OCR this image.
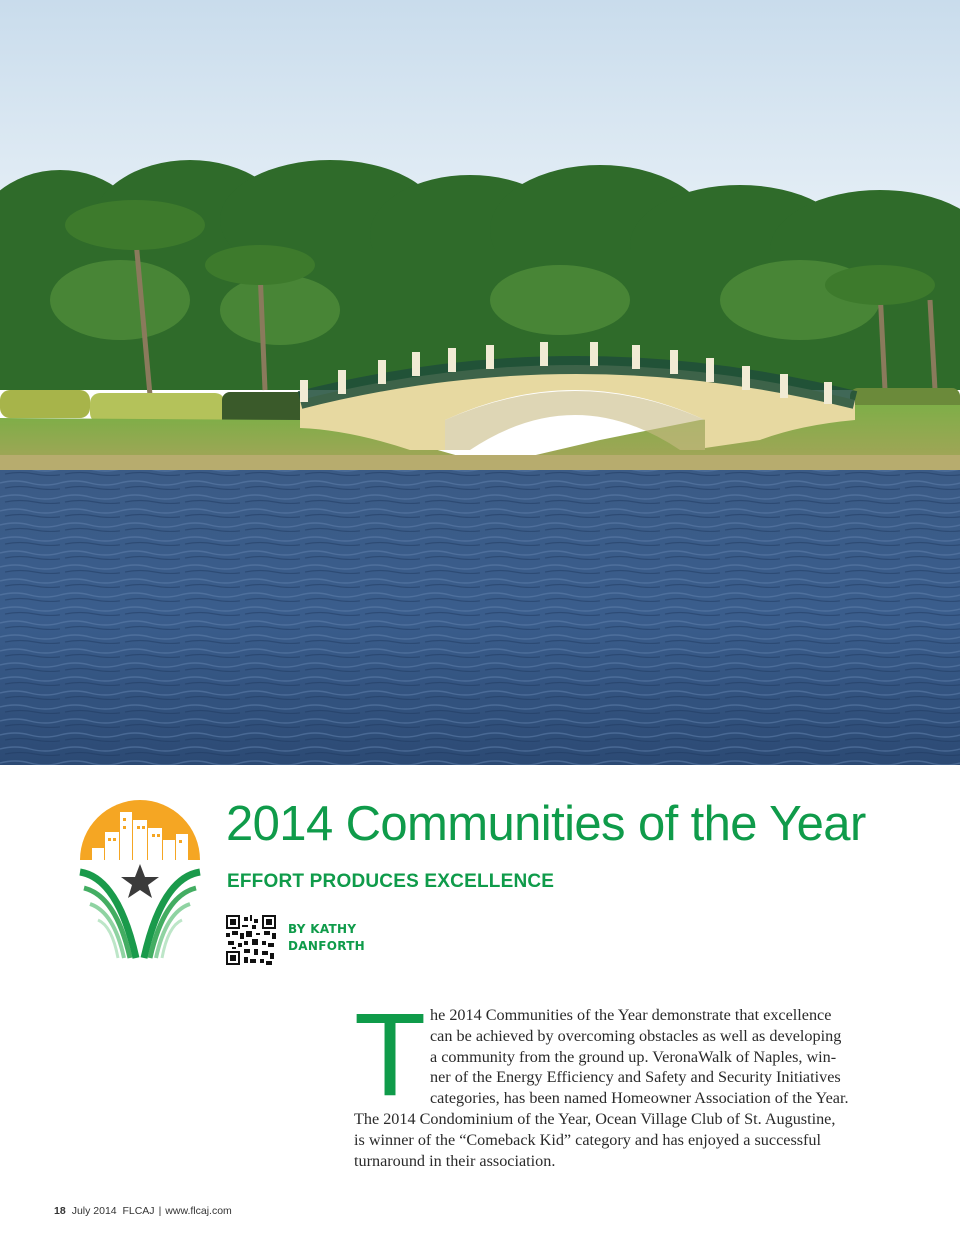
2014 Communities of the Year
EFFORT PRODUCES EXCELLENCE
BY KATHY
DANFORTH
T he 2014 Communities of the Year demonstrate that excellence
can be achieved by overcoming obstacles as well as developing
a community from the ground up. VeronaWalk of Naples, win-
ner of the Energy Efficiency and Safety and Security Initiatives
categories, has been named Homeowner Association of the Year.
The 2014 Condominium of the Year, Ocean Village Club of St. Augustine,
is winner of the “Comeback Kid” category and has enjoyed a successful
turnaround in their association.

18 July 2014  FLCAJ | www.flcaj.com
